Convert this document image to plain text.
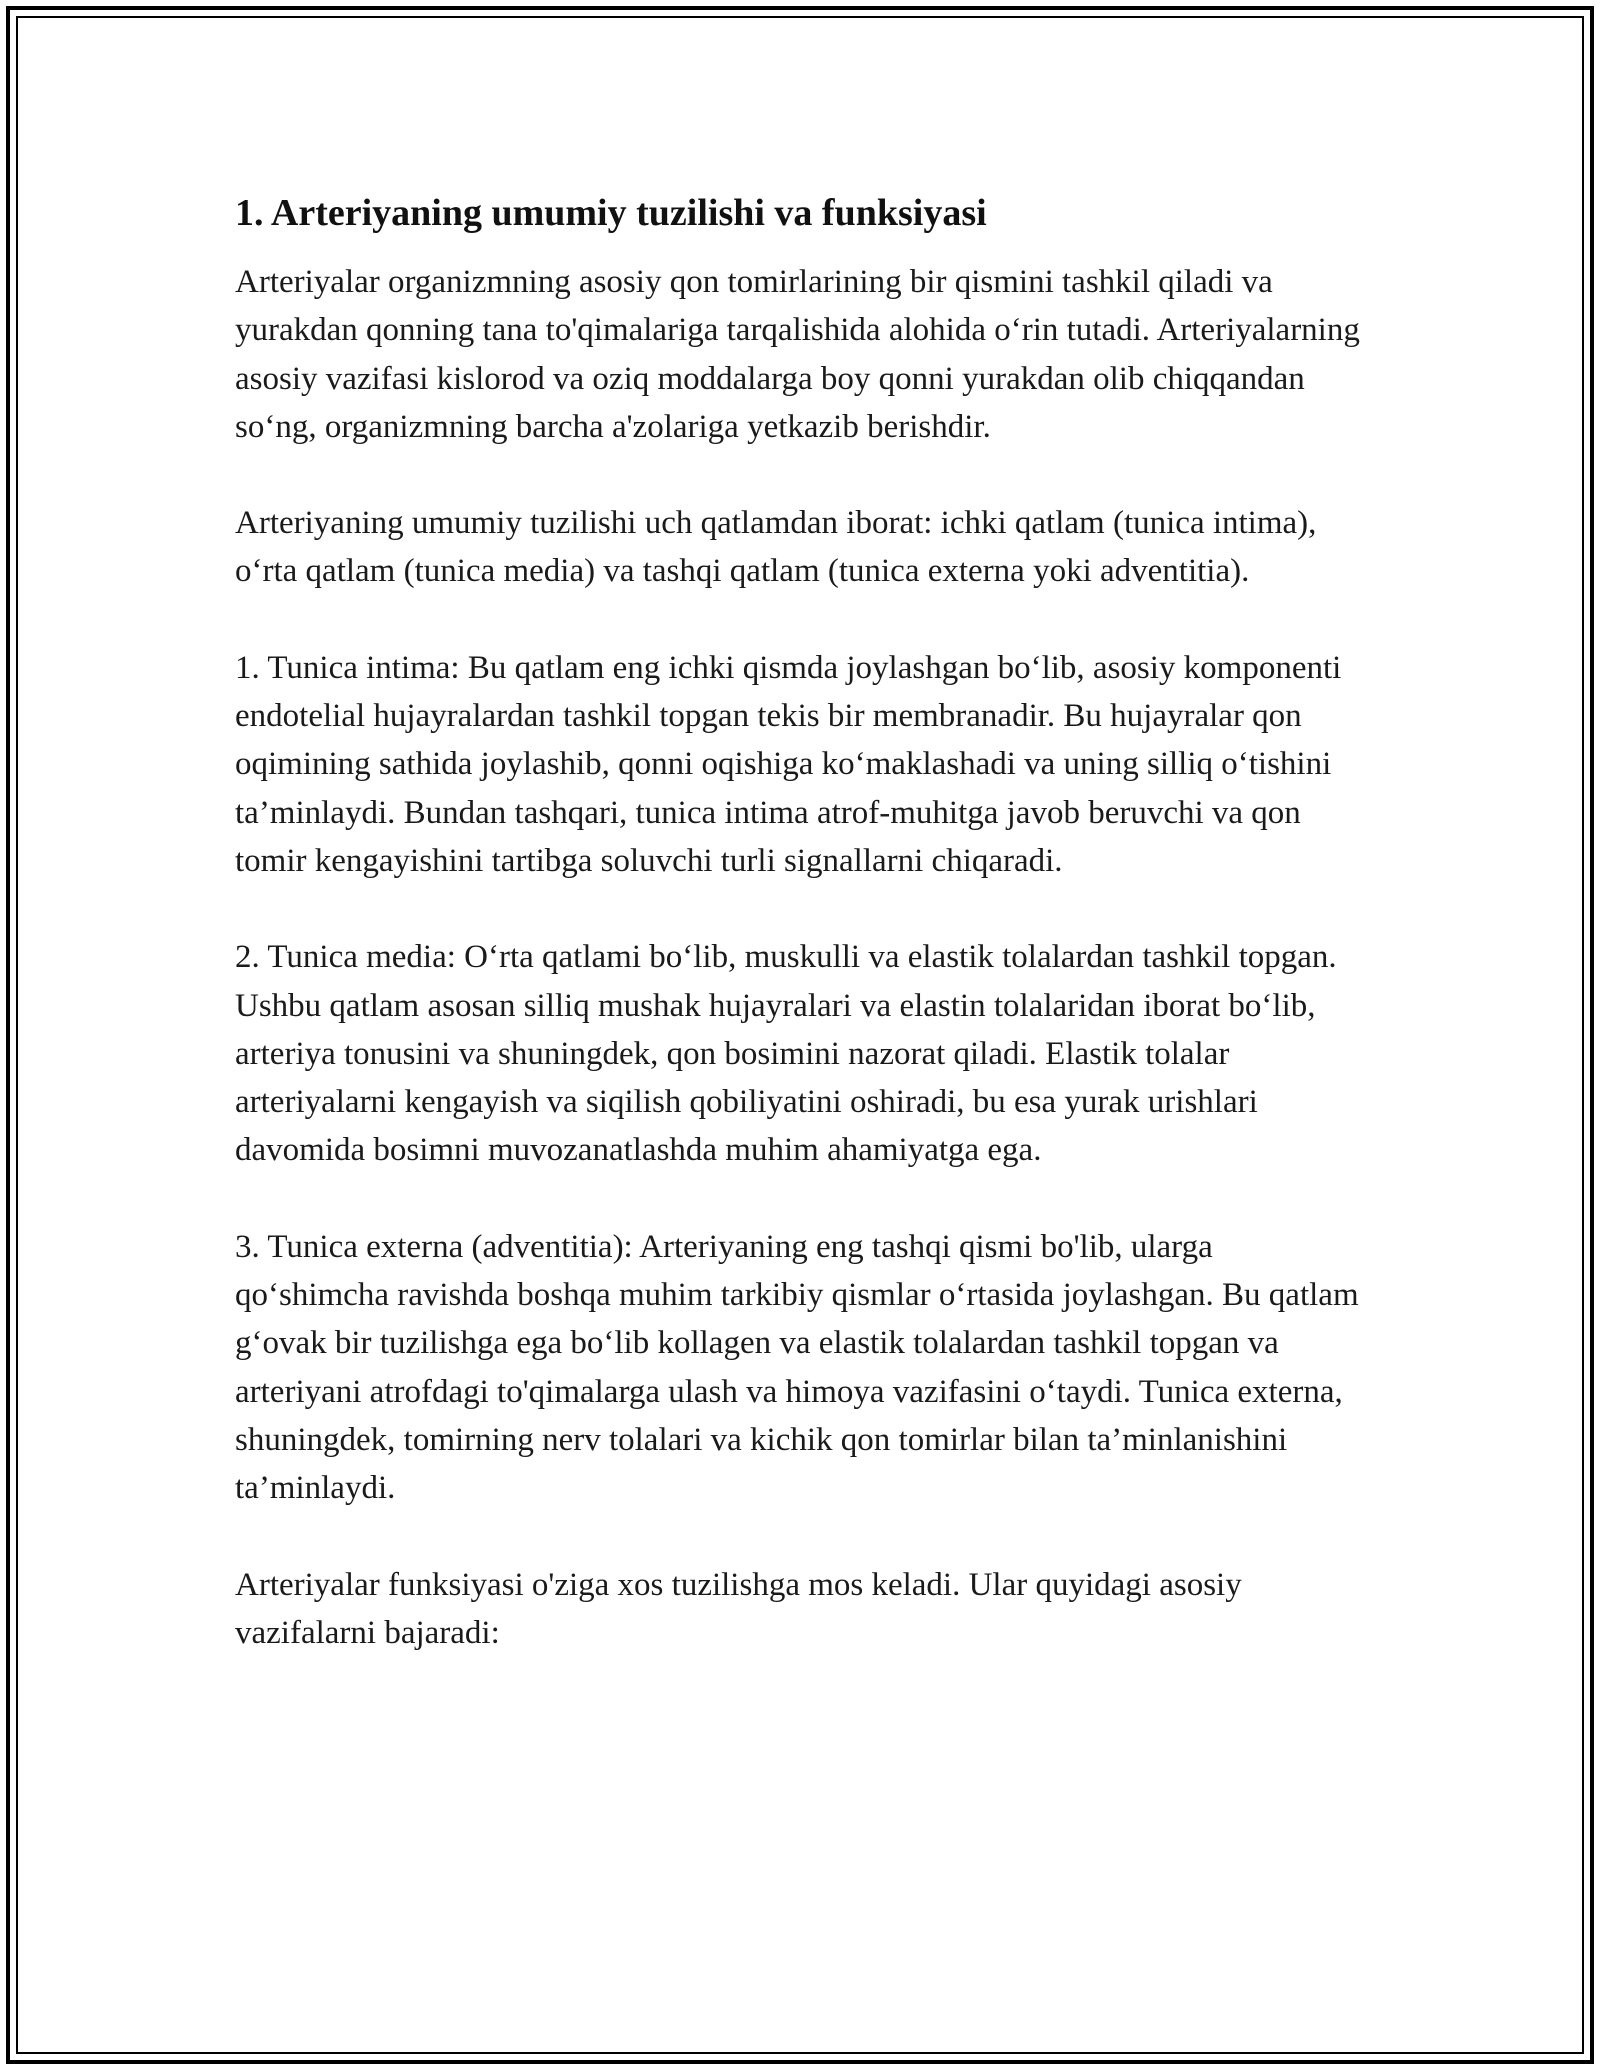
1. Arteriyaning umumiy tuzilishi va funksiyasi

Arteriyalar organizmning asosiy qon tomirlarining bir qismini tashkil qiladi va yurakdan qonning tana to'qimalariga tarqalishida alohida o‘rin tutadi. Arteriyalarning asosiy vazifasi kislorod va oziq moddalarga boy qonni yurakdan olib chiqqandan so‘ng, organizmning barcha a'zolariga yetkazib berishdir.

Arteriyaning umumiy tuzilishi uch qatlamdan iborat: ichki qatlam (tunica intima), o‘rta qatlam (tunica media) va tashqi qatlam (tunica externa yoki adventitia).

1. Tunica intima: Bu qatlam eng ichki qismda joylashgan bo‘lib, asosiy komponenti endotelial hujayralardan tashkil topgan tekis bir membranadir. Bu hujayralar qon oqimining sathida joylashib, qonni oqishiga ko‘maklashadi va uning silliq o‘tishini ta’minlaydi. Bundan tashqari, tunica intima atrof-muhitga javob beruvchi va qon tomir kengayishini tartibga soluvchi turli signallarni chiqaradi.

2. Tunica media: O‘rta qatlami bo‘lib, muskulli va elastik tolalardan tashkil topgan. Ushbu qatlam asosan silliq mushak hujayralari va elastin tolalaridan iborat bo‘lib, arteriya tonusini va shuningdek, qon bosimini nazorat qiladi. Elastik tolalar arteriyalarni kengayish va siqilish qobiliyatini oshiradi, bu esa yurak urishlari davomida bosimni muvozanatlashda muhim ahamiyatga ega.

3. Tunica externa (adventitia): Arteriyaning eng tashqi qismi bo'lib, ularga qo‘shimcha ravishda boshqa muhim tarkibiy qismlar o‘rtasida joylashgan. Bu qatlam g‘ovak bir tuzilishga ega bo‘lib kollagen va elastik tolalardan tashkil topgan va arteriyani atrofdagi to'qimalarga ulash va himoya vazifasini o‘taydi. Tunica externa, shuningdek, tomirning nerv tolalari va kichik qon tomirlar bilan ta’minlanishini ta’minlaydi.

Arteriyalar funksiyasi o'ziga xos tuzilishga mos keladi. Ular quyidagi asosiy vazifalarni bajaradi:
